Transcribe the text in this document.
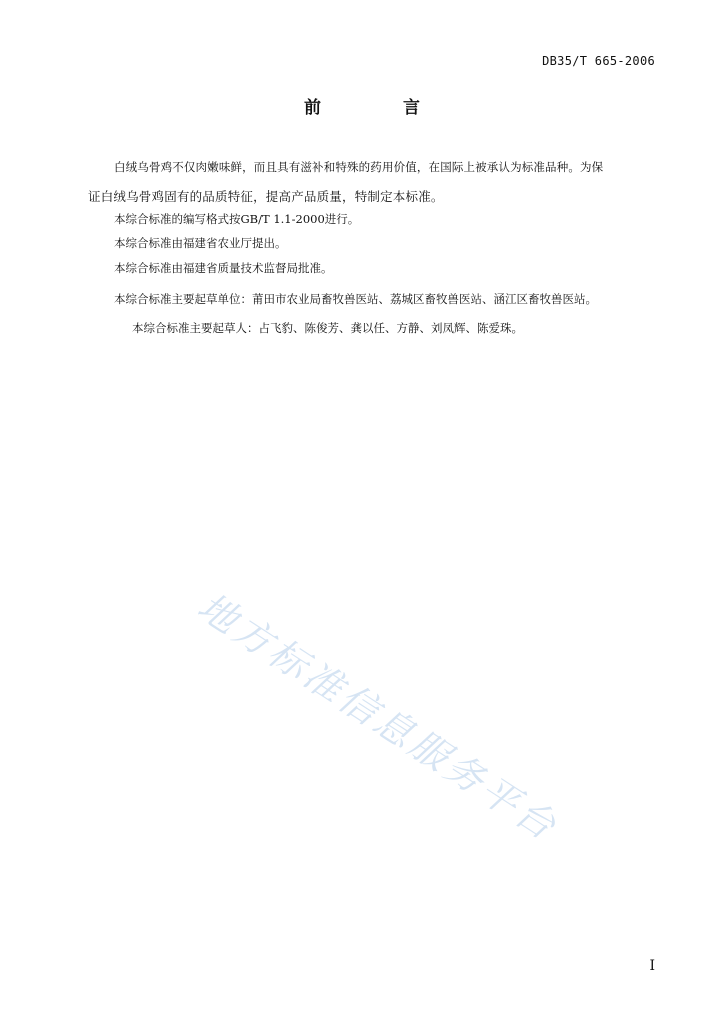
DB35/T 665-2006
前 言
白绒乌骨鸡不仅肉嫩味鲜，而且具有滋补和特殊的药用价值，在国际上被承认为标准品种。为保
证白绒乌骨鸡固有的品质特征，提高产品质量，特制定本标准。
本综合标准的编写格式按GB/T 1.1-2000进行。
本综合标准由福建省农业厅提出。
本综合标准由福建省质量技术监督局批准。
本综合标准主要起草单位：莆田市农业局畜牧兽医站、荔城区畜牧兽医站、涵江区畜牧兽医站。
本综合标准主要起草人：占飞豹、陈俊芳、龚以任、方静、刘凤辉、陈爱珠。
地方标准信息服务平台
I
